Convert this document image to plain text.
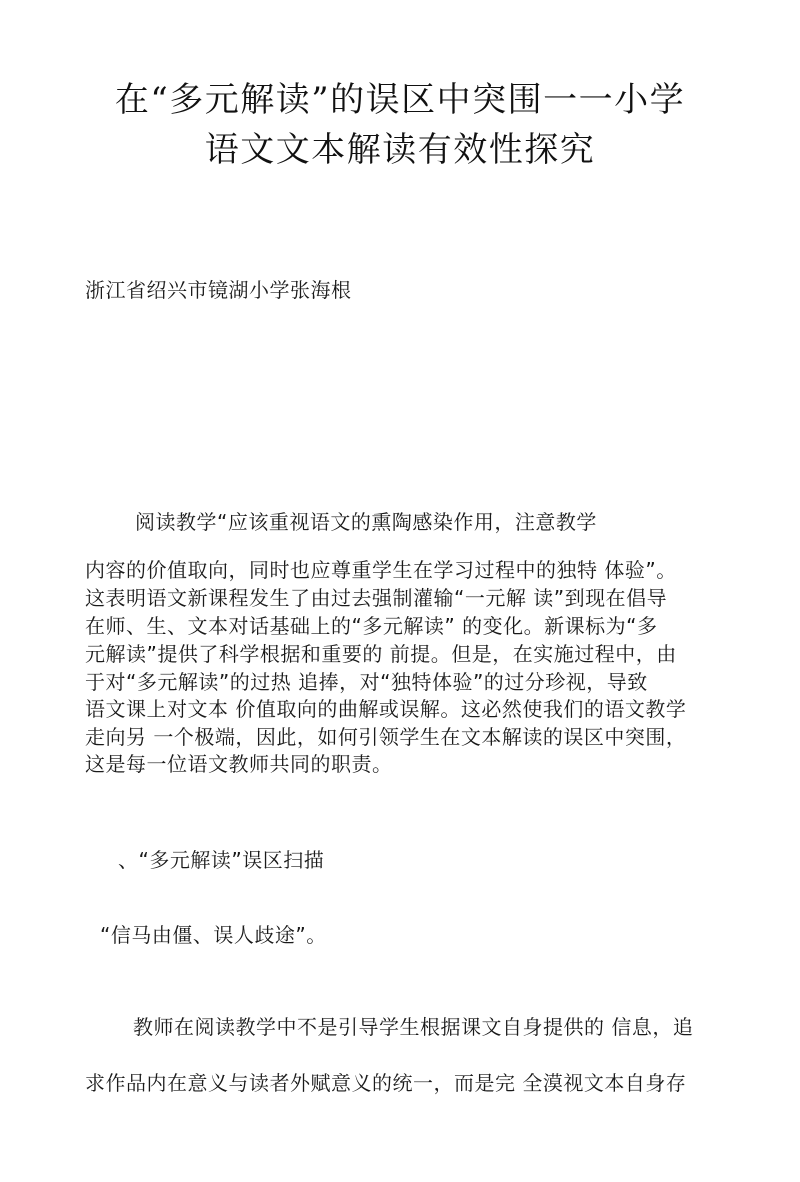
在“多元解读”的误区中突围一一小学
语文文本解读有效性探究
浙江省绍兴市镜湖小学张海根
阅读教学“应该重视语文的熏陶感染作用，注意教学
内容的价值取向，同时也应尊重学生在学习过程中的独特 体验”。
这表明语文新课程发生了由过去强制灌输“一元解 读”到现在倡导
在师、生、文本对话基础上的“多元解读” 的变化。新课标为“多
元解读”提供了科学根据和重要的 前提。但是，在实施过程中，由
于对“多元解读”的过热 追捧，对“独特体验”的过分珍视，导致
语文课上对文本 价值取向的曲解或误解。这必然使我们的语文教学
走向另 一个极端，因此，如何引领学生在文本解读的误区中突围，
这是每一位语文教师共同的职责。
、“多元解读”误区扫描
“信马由僵、误人歧途”。
教师在阅读教学中不是引导学生根据课文自身提供的 信息，追
求作品内在意义与读者外赋意义的统一，而是完 全漠视文本自身存
